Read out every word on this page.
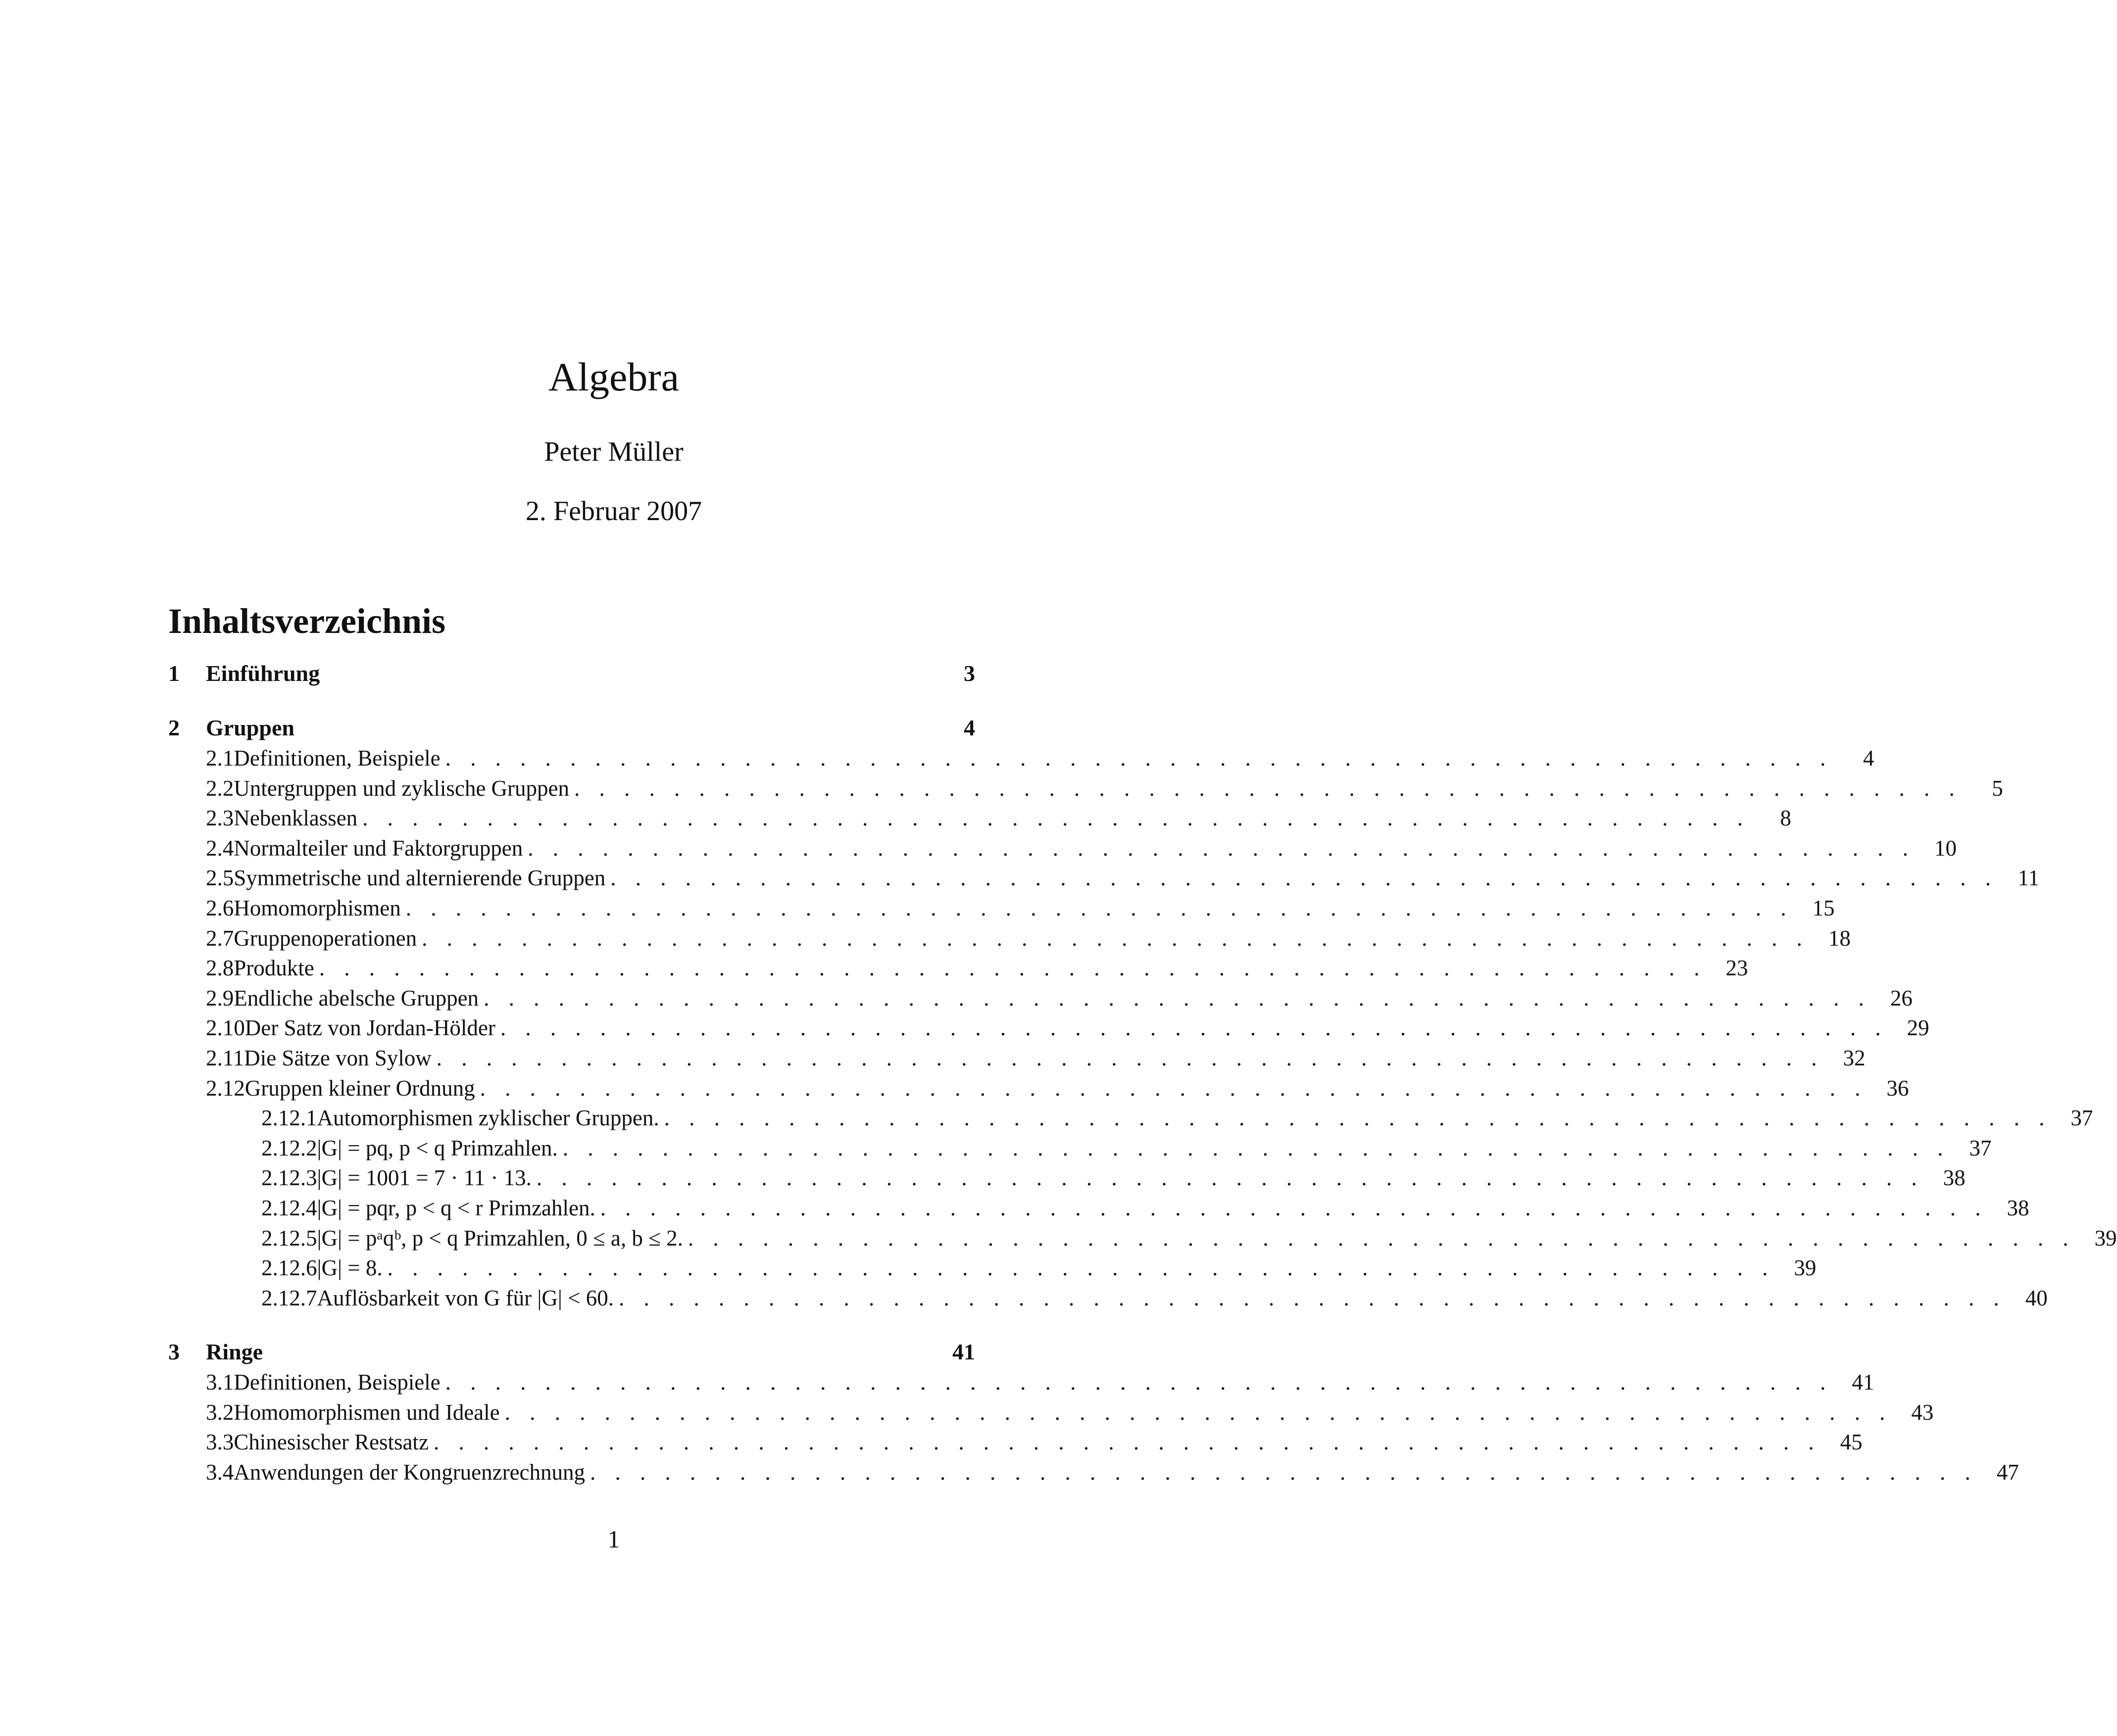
Algebra
Peter Müller
2. Februar 2007
Inhaltsverzeichnis
1	Einführung	3
2	Gruppen	4
2.1 Definitionen, Beispiele . . . . . . . . . . . . . . . . . . . . . . . . . . . . . . . . . . . . . . . . . . . . . . . . . . . . . . . .	4
2.2 Untergruppen und zyklische Gruppen . . . . . . . . . . . . . . . . . . . . . . . . . . . . . . . . . . . . . . . . . . . . . . . . . . . . . . . .	5
2.3 Nebenklassen . . . . . . . . . . . . . . . . . . . . . . . . . . . . . . . . . . . . . . . . . . . . . . . . . . . . . . . .	8
2.4 Normalteiler und Faktorgruppen . . . . . . . . . . . . . . . . . . . . . . . . . . . . . . . . . . . . . . . . . . . . . . . . . . . . . . . . 10
2.5 Symmetrische und alternierende Gruppen . . . . . . . . . . . . . . . . . . . . . . . . . . . . . . . . . . . . . . . . . . . . . . . . . . . . . . . . 11
2.6 Homomorphismen . . . . . . . . . . . . . . . . . . . . . . . . . . . . . . . . . . . . . . . . . . . . . . . . . . . . . . . . 15
2.7 Gruppenoperationen . . . . . . . . . . . . . . . . . . . . . . . . . . . . . . . . . . . . . . . . . . . . . . . . . . . . . . . . 18
2.8 Produkte . . . . . . . . . . . . . . . . . . . . . . . . . . . . . . . . . . . . . . . . . . . . . . . . . . . . . . . . 23
2.9 Endliche abelsche Gruppen . . . . . . . . . . . . . . . . . . . . . . . . . . . . . . . . . . . . . . . . . . . . . . . . . . . . . . . . 26
2.10 Der Satz von Jordan-Hölder . . . . . . . . . . . . . . . . . . . . . . . . . . . . . . . . . . . . . . . . . . . . . . . . . . . . . . . . 29
2.11 Die Sätze von Sylow . . . . . . . . . . . . . . . . . . . . . . . . . . . . . . . . . . . . . . . . . . . . . . . . . . . . . . . . 32
2.12 Gruppen kleiner Ordnung . . . . . . . . . . . . . . . . . . . . . . . . . . . . . . . . . . . . . . . . . . . . . . . . . . . . . . . . 36
2.12.1 Automorphismen zyklischer Gruppen. . . . . . . . . . . . . . . . . . . . . . . . . . . . . . . . . . . . . . . . . . . . . . . . . . . . . . . . . 37
2.12.2 |G| = pq, p < q Primzahlen. . . . . . . . . . . . . . . . . . . . . . . . . . . . . . . . . . . . . . . . . . . . . . . . . . . . . . . . . 37
2.12.3 |G| = 1001 = 7 · 11 · 13. . . . . . . . . . . . . . . . . . . . . . . . . . . . . . . . . . . . . . . . . . . . . . . . . . . . . . . . . 38
2.12.4 |G| = pqr, p < q < r Primzahlen. . . . . . . . . . . . . . . . . . . . . . . . . . . . . . . . . . . . . . . . . . . . . . . . . . . . . . . . . 38
2.12.5 |G| = pᵃqᵇ, p < q Primzahlen, 0 ≤ a, b ≤ 2. . . . . . . . . . . . . . . . . . . . . . . . . . . . . . . . . . . . . . . . . . . . . . . . . . . . . . . . . 39
2.12.6 |G| = 8. . . . . . . . . . . . . . . . . . . . . . . . . . . . . . . . . . . . . . . . . . . . . . . . . . . . . . . . . 39
2.12.7 Auflösbarkeit von G für |G| < 60. . . . . . . . . . . . . . . . . . . . . . . . . . . . . . . . . . . . . . . . . . . . . . . . . . . . . . . . . 40
3	Ringe	41
3.1 Definitionen, Beispiele . . . . . . . . . . . . . . . . . . . . . . . . . . . . . . . . . . . . . . . . . . . . . . . . . . . . . . . . 41
3.2 Homomorphismen und Ideale . . . . . . . . . . . . . . . . . . . . . . . . . . . . . . . . . . . . . . . . . . . . . . . . . . . . . . . . 43
3.3 Chinesischer Restsatz . . . . . . . . . . . . . . . . . . . . . . . . . . . . . . . . . . . . . . . . . . . . . . . . . . . . . . . . 45
3.4 Anwendungen der Kongruenzrechnung . . . . . . . . . . . . . . . . . . . . . . . . . . . . . . . . . . . . . . . . . . . . . . . . . . . . . . . . 47
1
